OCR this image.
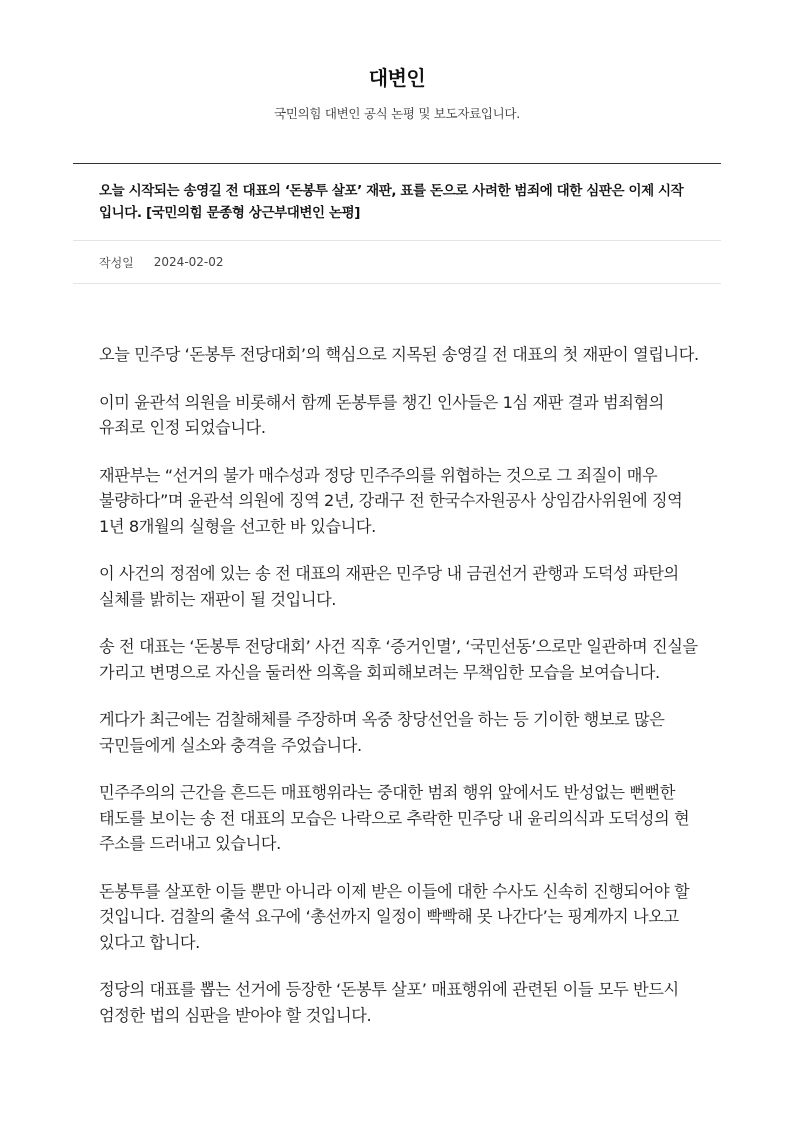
대변인
국민의힘 대변인 공식 논평 및 보도자료입니다.
오늘 시작되는 송영길 전 대표의 ‘돈봉투 살포’ 재판, 표를 돈으로 사려한 범죄에 대한 심판은 이제 시작입니다. [국민의힘 문종형 상근부대변인 논평]
작성일 2024-02-02

오늘 민주당 ‘돈봉투 전당대회’의 핵심으로 지목된 송영길 전 대표의 첫 재판이 열립니다.

이미 윤관석 의원을 비롯해서 함께 돈봉투를 챙긴 인사들은 1심 재판 결과 범죄혐의 유죄로 인정 되었습니다.

재판부는 “선거의 불가 매수성과 정당 민주주의를 위협하는 것으로 그 죄질이 매우 불량하다”며 윤관석 의원에 징역 2년, 강래구 전 한국수자원공사 상임감사위원에 징역 1년 8개월의 실형을 선고한 바 있습니다.

이 사건의 정점에 있는 송 전 대표의 재판은 민주당 내 금권선거 관행과 도덕성 파탄의 실체를 밝히는 재판이 될 것입니다.

송 전 대표는 ‘돈봉투 전당대회’ 사건 직후 ‘증거인멸’, ‘국민선동’으로만 일관하며 진실을 가리고 변명으로 자신을 둘러싼 의혹을 회피해보려는 무책임한 모습을 보여습니다.

게다가 최근에는 검찰해체를 주장하며 옥중 창당선언을 하는 등 기이한 행보로 많은 국민들에게 실소와 충격을 주었습니다.

민주주의의 근간을 흔드든 매표행위라는 중대한 범죄 행위 앞에서도 반성없는 뻔뻔한 태도를 보이는 송 전 대표의 모습은 나락으로 추락한 민주당 내 윤리의식과 도덕성의 현 주소를 드러내고 있습니다.

돈봉투를 살포한 이들 뿐만 아니라 이제 받은 이들에 대한 수사도 신속히 진행되어야 할 것입니다. 검찰의 출석 요구에 ‘총선까지 일정이 빡빡해 못 나간다’는 핑계까지 나오고 있다고 합니다.

정당의 대표를 뽑는 선거에 등장한 ‘돈봉투 살포’ 매표행위에 관련된 이들 모두 반드시 엄정한 법의 심판을 받아야 할 것입니다.
